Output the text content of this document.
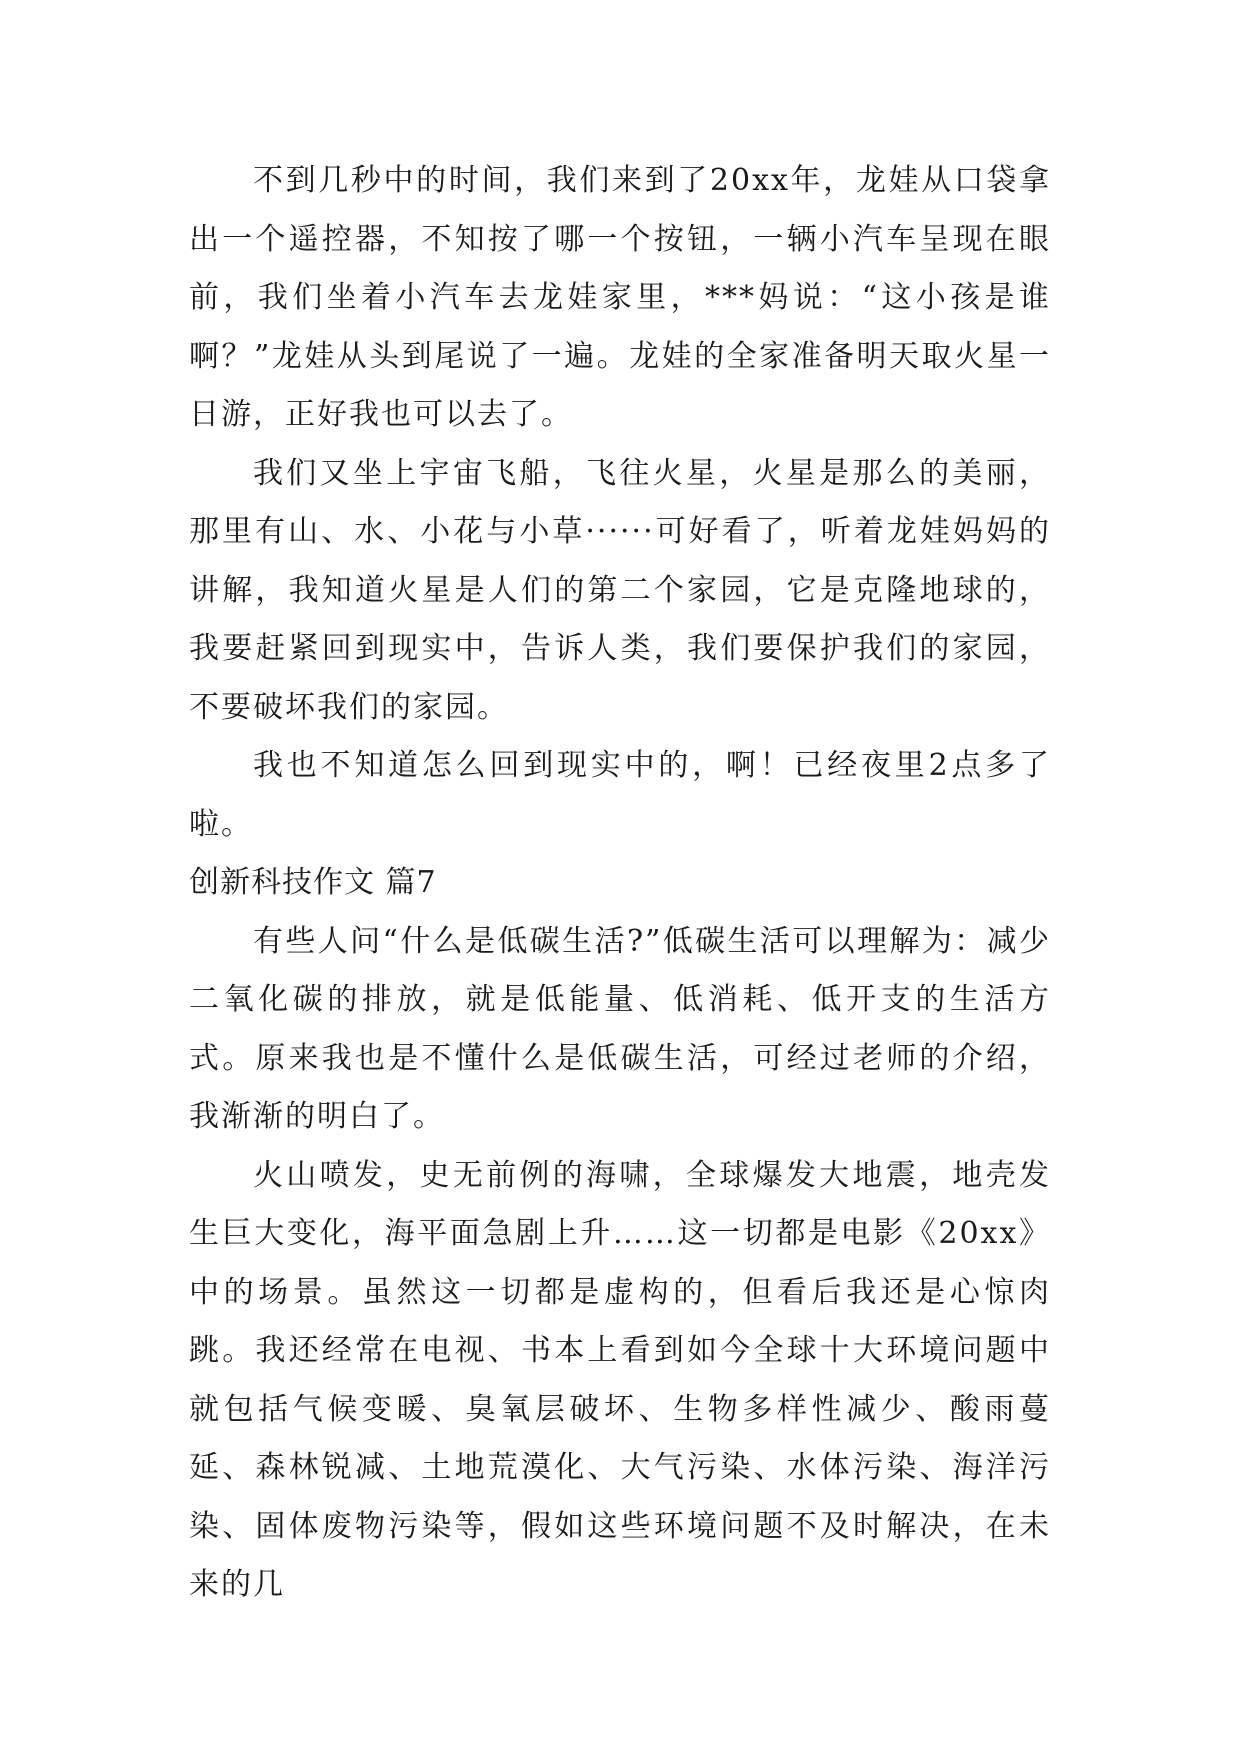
不到几秒中的时间，我们来到了20xx年，龙娃从口袋拿出一个遥控器，不知按了哪一个按钮，一辆小汽车呈现在眼前，我们坐着小汽车去龙娃家里，***妈说：“这小孩是谁啊？”龙娃从头到尾说了一遍。龙娃的全家准备明天取火星一日游，正好我也可以去了。

我们又坐上宇宙飞船，飞往火星，火星是那么的美丽，那里有山、水、小花与小草······可好看了，听着龙娃妈妈的讲解，我知道火星是人们的第二个家园，它是克隆地球的，我要赶紧回到现实中，告诉人类，我们要保护我们的家园，不要破坏我们的家园。

我也不知道怎么回到现实中的，啊！已经夜里2点多了啦。

创新科技作文 篇7

有些人问“什么是低碳生活?”低碳生活可以理解为：减少二氧化碳的排放，就是低能量、低消耗、低开支的生活方式。原来我也是不懂什么是低碳生活，可经过老师的介绍，我渐渐的明白了。

火山喷发，史无前例的海啸，全球爆发大地震，地壳发生巨大变化，海平面急剧上升……这一切都是电影《20xx》中的场景。虽然这一切都是虚构的，但看后我还是心惊肉跳。我还经常在电视、书本上看到如今全球十大环境问题中就包括气候变暖、臭氧层破坏、生物多样性减少、酸雨蔓延、森林锐减、土地荒漠化、大气污染、水体污染、海洋污染、固体废物污染等，假如这些环境问题不及时解决，在未来的几
